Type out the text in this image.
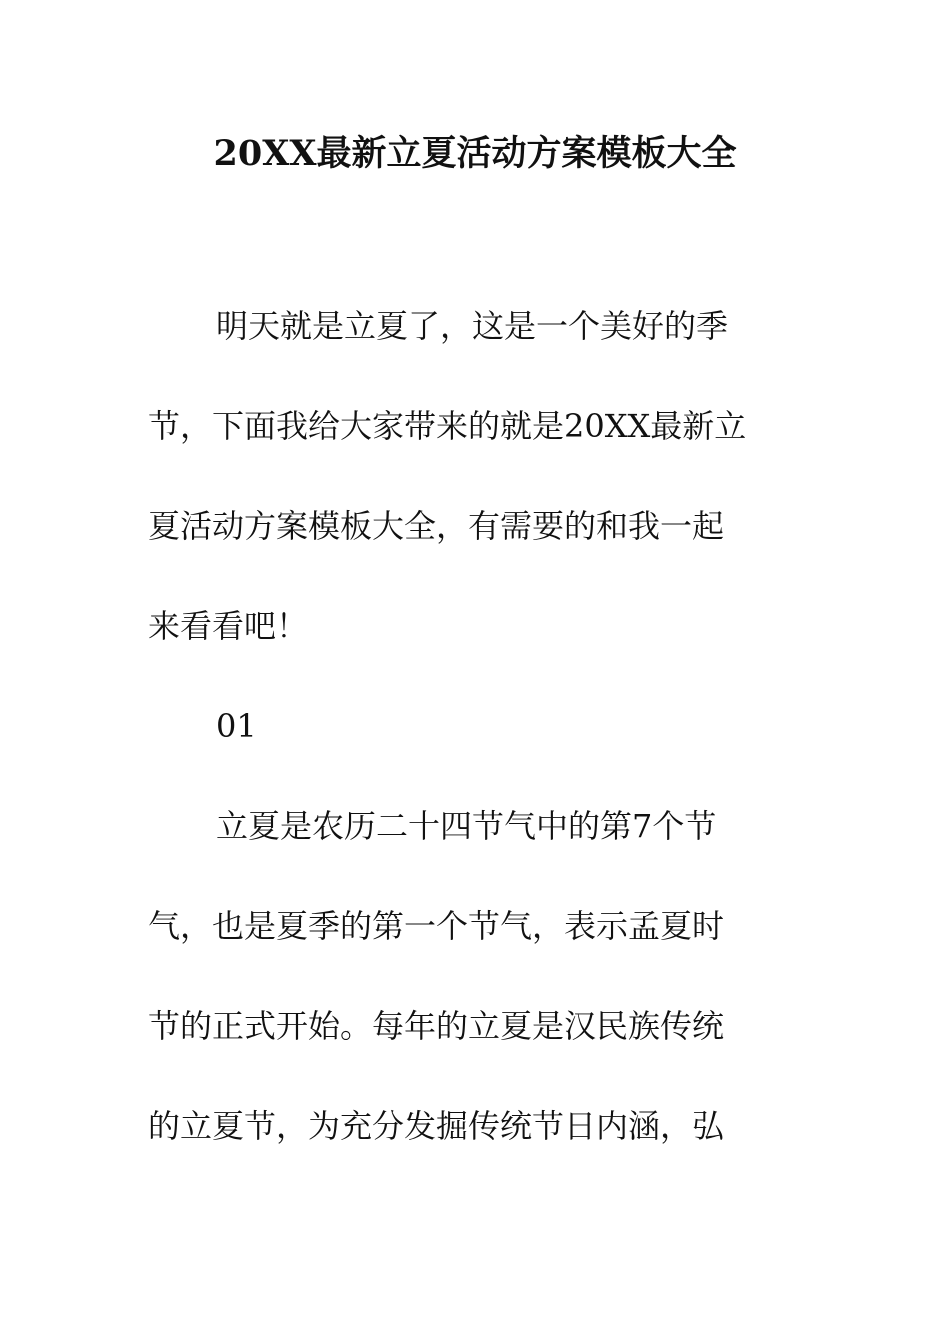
20XX最新立夏活动方案模板大全

明天就是立夏了，这是一个美好的季

节，下面我给大家带来的就是20XX最新立

夏活动方案模板大全，有需要的和我一起

来看看吧！

01

立夏是农历二十四节气中的第7个节

气，也是夏季的第一个节气，表示孟夏时

节的正式开始。每年的立夏是汉民族传统

的立夏节，为充分发掘传统节日内涵，弘
